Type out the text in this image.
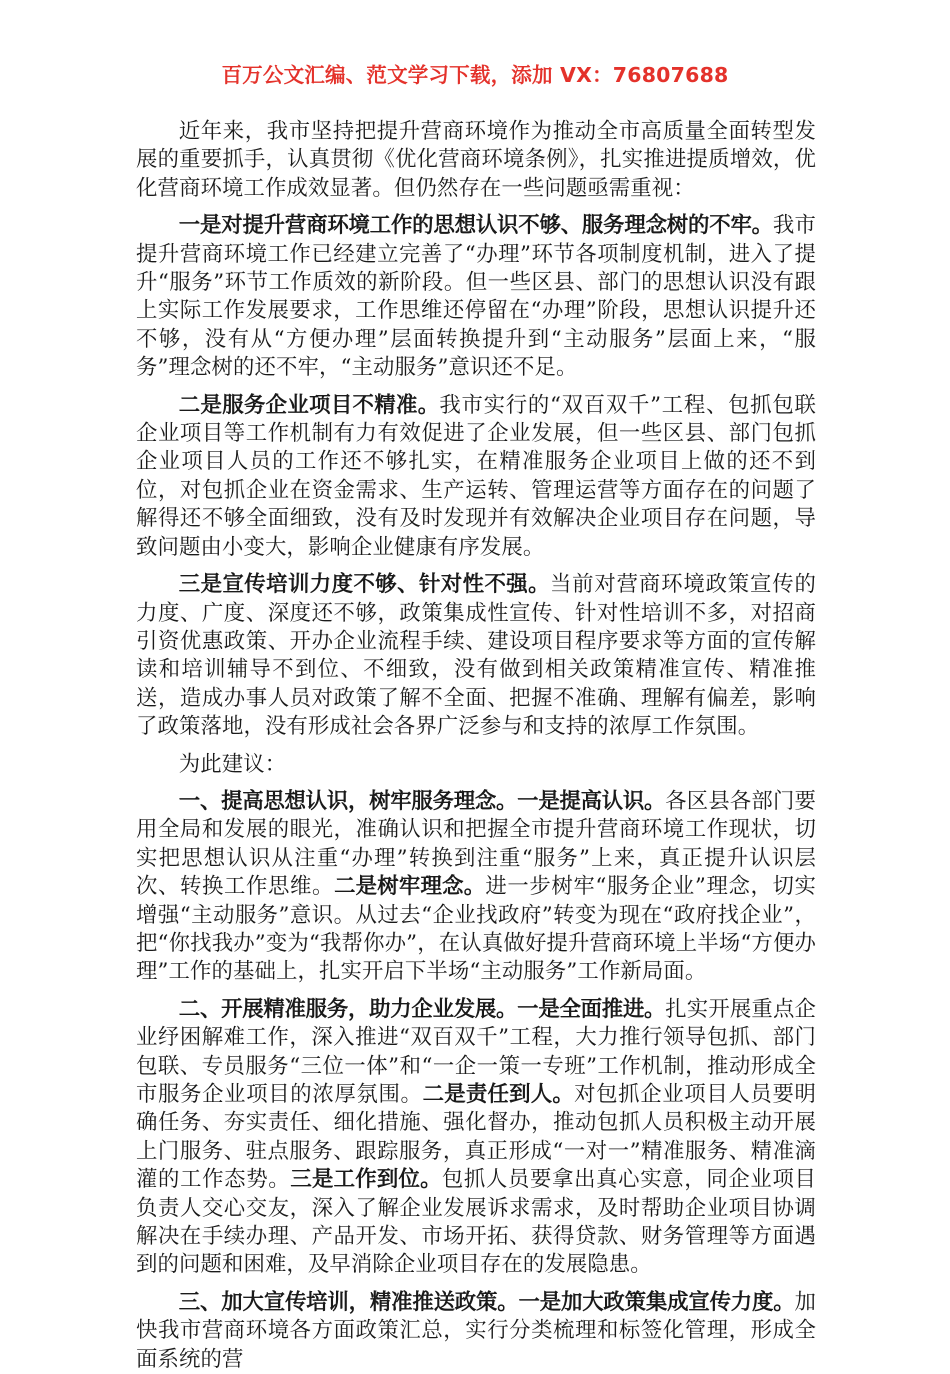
百万公文汇编、范文学习下载，添加 VX：76807688

近年来，我市坚持把提升营商环境作为推动全市高质量全面转型发展的重要抓手，认真贯彻《优化营商环境条例》，扎实推进提质增效，优化营商环境工作成效显著。但仍然存在一些问题亟需重视：

一是对提升营商环境工作的思想认识不够、服务理念树的不牢。我市提升营商环境工作已经建立完善了“办理”环节各项制度机制，进入了提升“服务”环节工作质效的新阶段。但一些区县、部门的思想认识没有跟上实际工作发展要求，工作思维还停留在“办理”阶段，思想认识提升还不够，没有从“方便办理”层面转换提升到“主动服务”层面上来，“服务”理念树的还不牢，“主动服务”意识还不足。

二是服务企业项目不精准。我市实行的“双百双千”工程、包抓包联企业项目等工作机制有力有效促进了企业发展，但一些区县、部门包抓企业项目人员的工作还不够扎实，在精准服务企业项目上做的还不到位，对包抓企业在资金需求、生产运转、管理运营等方面存在的问题了解得还不够全面细致，没有及时发现并有效解决企业项目存在问题，导致问题由小变大，影响企业健康有序发展。

三是宣传培训力度不够、针对性不强。当前对营商环境政策宣传的力度、广度、深度还不够，政策集成性宣传、针对性培训不多，对招商引资优惠政策、开办企业流程手续、建设项目程序要求等方面的宣传解读和培训辅导不到位、不细致，没有做到相关政策精准宣传、精准推送，造成办事人员对政策了解不全面、把握不准确、理解有偏差，影响了政策落地，没有形成社会各界广泛参与和支持的浓厚工作氛围。

为此建议：

一、提高思想认识，树牢服务理念。一是提高认识。各区县各部门要用全局和发展的眼光，准确认识和把握全市提升营商环境工作现状，切实把思想认识从注重“办理”转换到注重“服务”上来，真正提升认识层次、转换工作思维。二是树牢理念。进一步树牢“服务企业”理念，切实增强“主动服务”意识。从过去“企业找政府”转变为现在“政府找企业”，把“你找我办”变为“我帮你办”，在认真做好提升营商环境上半场“方便办理”工作的基础上，扎实开启下半场“主动服务”工作新局面。

二、开展精准服务，助力企业发展。一是全面推进。扎实开展重点企业纾困解难工作，深入推进“双百双千”工程，大力推行领导包抓、部门包联、专员服务“三位一体”和“一企一策一专班”工作机制，推动形成全市服务企业项目的浓厚氛围。二是责任到人。对包抓企业项目人员要明确任务、夯实责任、细化措施、强化督办，推动包抓人员积极主动开展上门服务、驻点服务、跟踪服务，真正形成“一对一”精准服务、精准滴灌的工作态势。三是工作到位。包抓人员要拿出真心实意，同企业项目负责人交心交友，深入了解企业发展诉求需求，及时帮助企业项目协调解决在手续办理、产品开发、市场开拓、获得贷款、财务管理等方面遇到的问题和困难，及早消除企业项目存在的发展隐患。

三、加大宣传培训，精准推送政策。一是加大政策集成宣传力度。加快我市营商环境各方面政策汇总，实行分类梳理和标签化管理，形成全面系统的营
